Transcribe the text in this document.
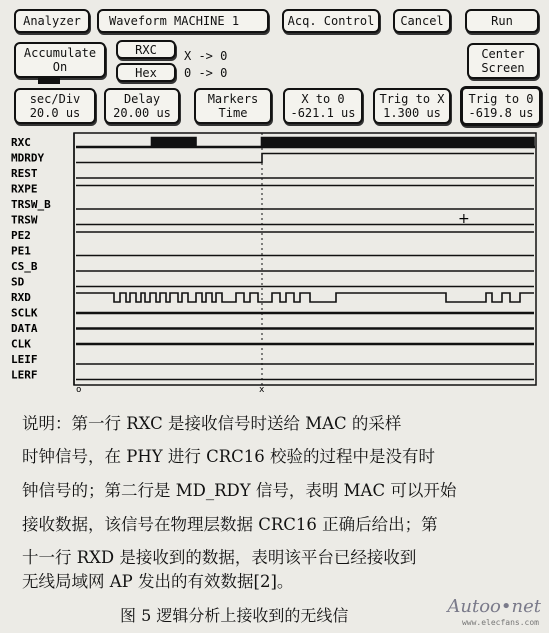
Analyzer Waveform MACHINE 1	Acq. Control Cancel	Run
Accumulate
On
RXC
Hex
X -> 0
0 -> 0
Center
Screen
sec/Div
20.0 us
Delay
20.00 us
Markers
Time
X to 0
-621.1 us
Trig to X
1.300 us
Trig to 0
-619.8 us
o	x
RXC
MDRDY
REST
RXPE
TRSW_B
TRSW
PE2
PE1
CS_B
SD
RXD
SCLK
DATA
CLK
LEIF
LERF
+
说明：第一行 RXC 是接收信号时送给 MAC 的采样
时钟信号，在 PHY 进行 CRC16 校验的过程中是没有时
钟信号的；第二行是 MD_RDY 信号，表明 MAC 可以开始
接收数据，该信号在物理层数据 CRC16 正确后给出；第
十一行 RXD 是接收到的数据，表明该平台已经接收到
无线局域网 AP 发出的有效数据[2]。
图 5 逻辑分析上接收到的无线信	Autoo•net
www.elecfans.com
